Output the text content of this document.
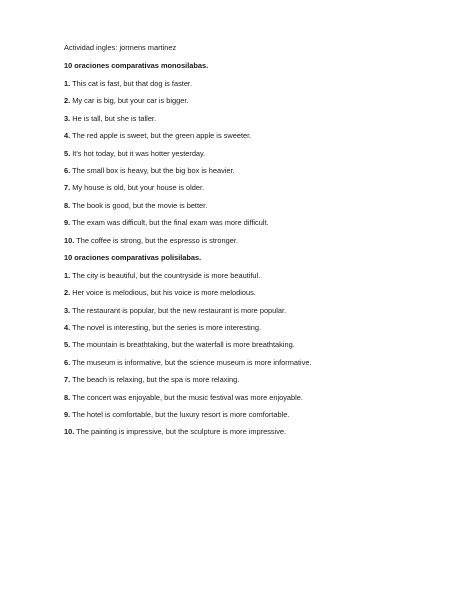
Actividad ingles: jormens martinez

10 oraciones comparativas monosilabas.

1. This cat is fast, but that dog is faster.

2. My car is big, but your car is bigger.

3. He is tall, but she is taller.

4. The red apple is sweet, but the green apple is sweeter.

5. It's hot today, but it was hotter yesterday.

6. The small box is heavy, but the big box is heavier.

7. My house is old, but your house is older.

8. The book is good, but the movie is better.

9. The exam was difficult, but the final exam was more difficult.

10. The coffee is strong, but the espresso is stronger.

10 oraciones comparativas polisilabas.

1. The city is beautiful, but the countryside is more beautiful.

2. Her voice is melodious, but his voice is more melodious.

3. The restaurant is popular, but the new restaurant is more popular.

4. The novel is interesting, but the series is more interesting.

5. The mountain is breathtaking, but the waterfall is more breathtaking.

6. The museum is informative, but the science museum is more informative.

7. The beach is relaxing, but the spa is more relaxing.

8. The concert was enjoyable, but the music festival was more enjoyable.

9. The hotel is comfortable, but the luxury resort is more comfortable.

10. The painting is impressive, but the sculpture is more impressive.
